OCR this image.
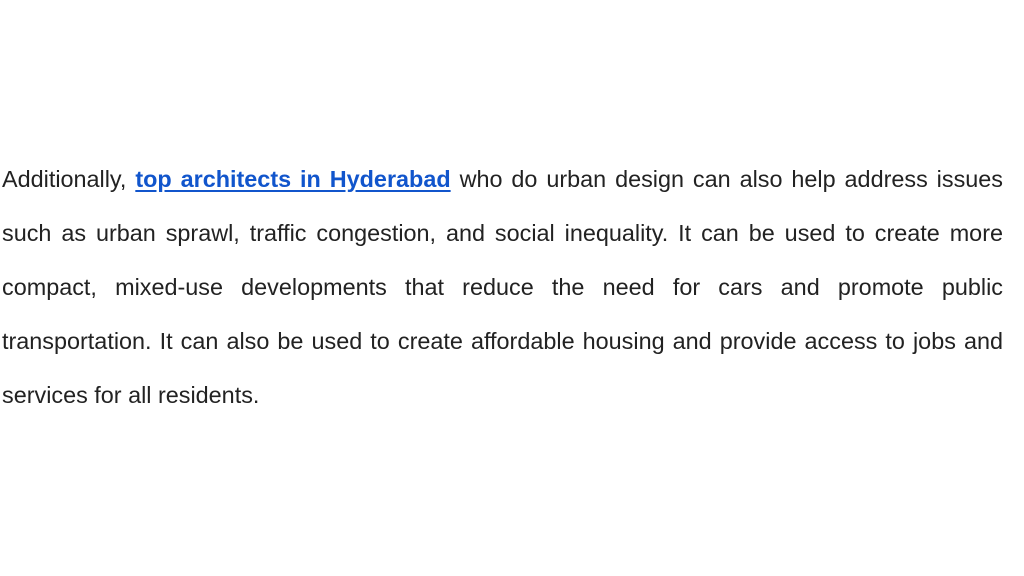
Additionally, top architects in Hyderabad who do urban design can also help address issues such as urban sprawl, traffic congestion, and social inequality. It can be used to create more compact, mixed-use developments that reduce the need for cars and promote public transportation. It can also be used to create affordable housing and provide access to jobs and services for all residents.
